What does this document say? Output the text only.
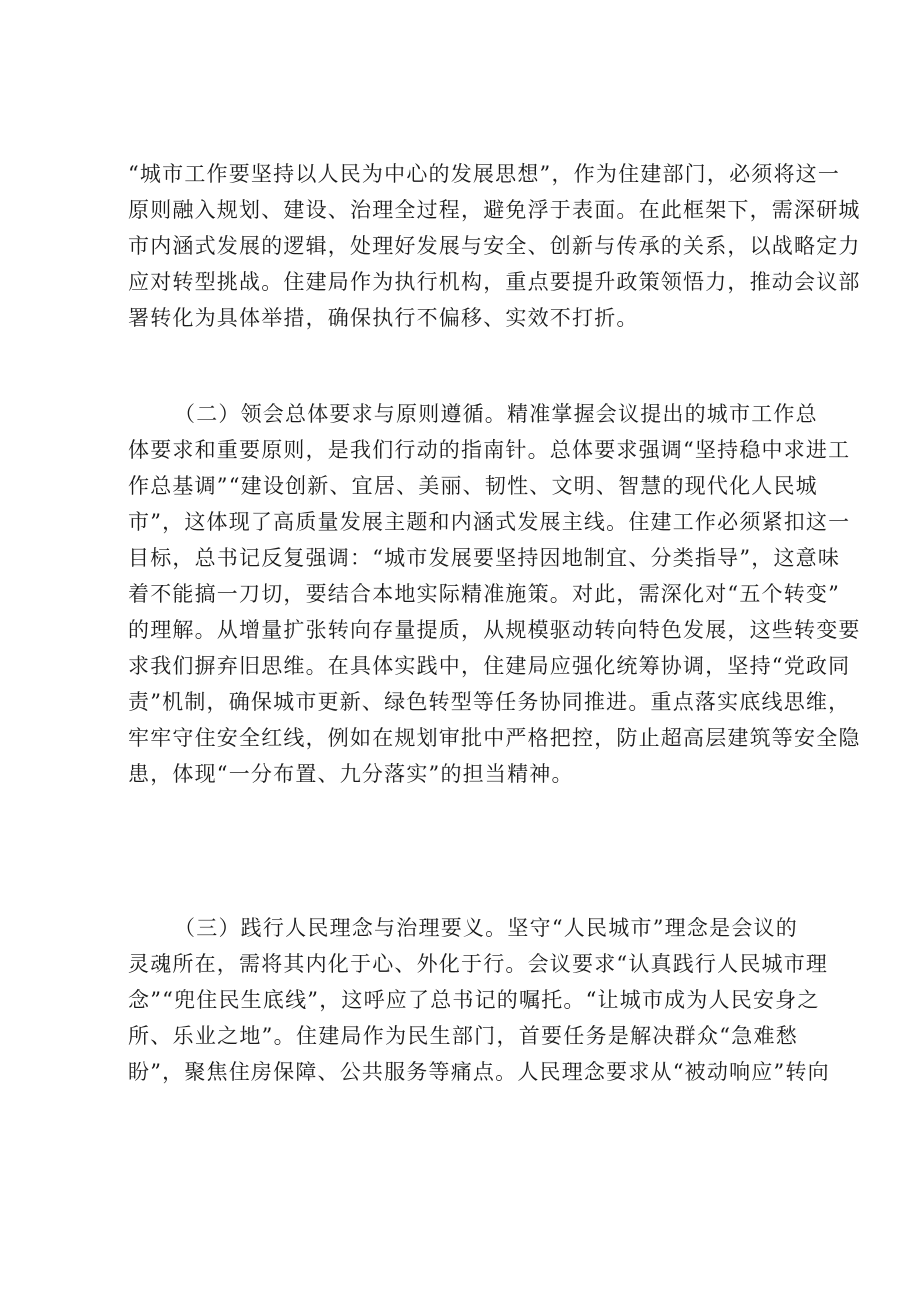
“城市工作要坚持以人民为中心的发展思想”，作为住建部门，必须将这一
原则融入规划、建设、治理全过程，避免浮于表面。在此框架下，需深研城
市内涵式发展的逻辑，处理好发展与安全、创新与传承的关系，以战略定力
应对转型挑战。住建局作为执行机构，重点要提升政策领悟力，推动会议部
署转化为具体举措，确保执行不偏移、实效不打折。
（二）领会总体要求与原则遵循。精准掌握会议提出的城市工作总
体要求和重要原则，是我们行动的指南针。总体要求强调“坚持稳中求进工
作总基调”“建设创新、宜居、美丽、韧性、文明、智慧的现代化人民城
市”，这体现了高质量发展主题和内涵式发展主线。住建工作必须紧扣这一
目标，总书记反复强调：“城市发展要坚持因地制宜、分类指导”，这意味
着不能搞一刀切，要结合本地实际精准施策。对此，需深化对“五个转变”
的理解。从增量扩张转向存量提质，从规模驱动转向特色发展，这些转变要
求我们摒弃旧思维。在具体实践中，住建局应强化统筹协调，坚持“党政同
责”机制，确保城市更新、绿色转型等任务协同推进。重点落实底线思维，
牢牢守住安全红线，例如在规划审批中严格把控，防止超高层建筑等安全隐
患，体现“一分布置、九分落实”的担当精神。
（三）践行人民理念与治理要义。坚守“人民城市”理念是会议的
灵魂所在，需将其内化于心、外化于行。会议要求“认真践行人民城市理
念”“兜住民生底线”，这呼应了总书记的嘱托。“让城市成为人民安身之
所、乐业之地”。住建局作为民生部门，首要任务是解决群众“急难愁
盼”，聚焦住房保障、公共服务等痛点。人民理念要求从“被动响应”转向
